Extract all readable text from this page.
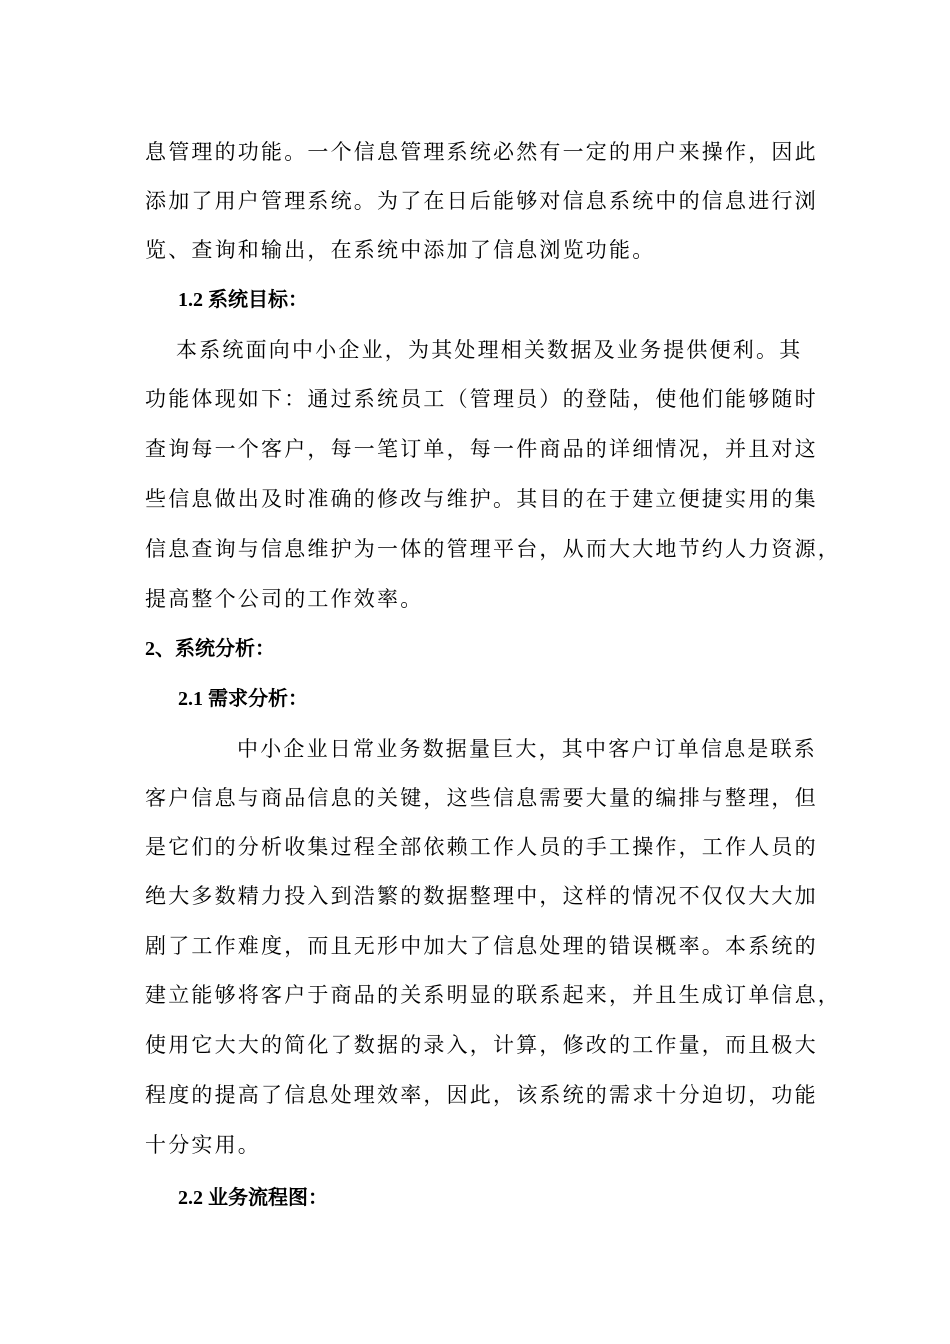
息管理的功能。一个信息管理系统必然有一定的用户来操作，因此
添加了用户管理系统。为了在日后能够对信息系统中的信息进行浏
览、查询和输出，在系统中添加了信息浏览功能。
1.2 系统目标：
本系统面向中小企业，为其处理相关数据及业务提供便利。其
功能体现如下：通过系统员工（管理员）的登陆，使他们能够随时
查询每一个客户，每一笔订单，每一件商品的详细情况，并且对这
些信息做出及时准确的修改与维护。其目的在于建立便捷实用的集
信息查询与信息维护为一体的管理平台，从而大大地节约人力资源，
提高整个公司的工作效率。
2、系统分析：
2.1 需求分析：
中小企业日常业务数据量巨大，其中客户订单信息是联系
客户信息与商品信息的关键，这些信息需要大量的编排与整理，但
是它们的分析收集过程全部依赖工作人员的手工操作，工作人员的
绝大多数精力投入到浩繁的数据整理中，这样的情况不仅仅大大加
剧了工作难度，而且无形中加大了信息处理的错误概率。本系统的
建立能够将客户于商品的关系明显的联系起来，并且生成订单信息，
使用它大大的简化了数据的录入，计算，修改的工作量，而且极大
程度的提高了信息处理效率，因此，该系统的需求十分迫切，功能
十分实用。
2.2 业务流程图：
